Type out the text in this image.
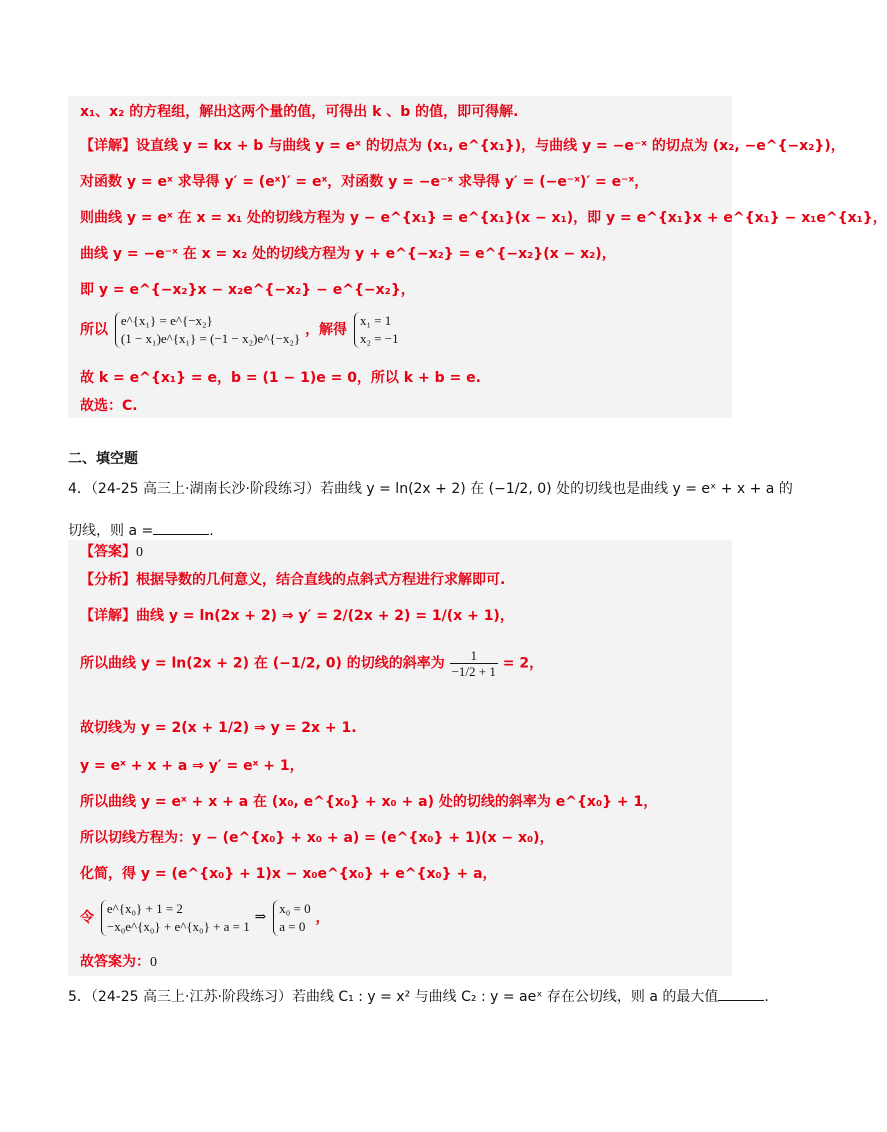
x₁、x₂ 的方程组，解出这两个量的值，可得出 k 、b 的值，即可得解.
【详解】设直线 y = kx + b 与曲线 y = eˣ 的切点为 (x₁, e^{x₁})，与曲线 y = −e⁻ˣ 的切点为 (x₂, −e^{−x₂})，
对函数 y = eˣ 求导得 y′ = (eˣ)′ = eˣ，对函数 y = −e⁻ˣ 求导得 y′ = (−e⁻ˣ)′ = e⁻ˣ，
则曲线 y = eˣ 在 x = x₁ 处的切线方程为 y − e^{x₁} = e^{x₁}(x − x₁)，即 y = e^{x₁}x + e^{x₁} − x₁e^{x₁}，
曲线 y = −e⁻ˣ 在 x = x₂ 处的切线方程为 y + e^{−x₂} = e^{−x₂}(x − x₂)，
即 y = e^{−x₂}x − x₂e^{−x₂} − e^{−x₂}，
所以
e^{x₁} = e^{−x₂}
(1 − x₁)e^{x₁} = (−1 − x₂)e^{−x₂}
，解得
x₁ = 1
x₂ = −1
故 k = e^{x₁} = e，b = (1 − 1)e = 0，所以 k + b = e.
故选：C.
二、填空题
4．（24-25 高三上·湖南长沙·阶段练习）若曲线 y = ln(2x + 2) 在 (−1/2, 0) 处的切线也是曲线 y = eˣ + x + a 的
切线，则 a =	.
【答案】0
【分析】根据导数的几何意义，结合直线的点斜式方程进行求解即可.
【详解】曲线 y = ln(2x + 2) ⇒ y′ = 2/(2x + 2) = 1/(x + 1)，
所以曲线 y = ln(2x + 2) 在 (−1/2, 0) 的切线的斜率为 $\frac{1}{-1/2 + 1} = 2$，
故切线为 y = 2(x + 1/2) ⇒ y = 2x + 1.
y = eˣ + x + a ⇒ y′ = eˣ + 1，
所以曲线 y = eˣ + x + a 在 (x₀, e^{x₀} + x₀ + a) 处的切线的斜率为 e^{x₀} + 1，
所以切线方程为：y − (e^{x₀} + x₀ + a) = (e^{x₀} + 1)(x − x₀)，
化简，得 y = (e^{x₀} + 1)x − x₀e^{x₀} + e^{x₀} + a，
令
e^{x₀} + 1 = 2
−x₀e^{x₀} + e^{x₀} + a = 1
⇒
x₀ = 0
a = 0
，
故答案为：0
5．（24-25 高三上·江苏·阶段练习）若曲线 C₁ : y = x² 与曲线 C₂ : y = aeˣ 存在公切线，则 a 的最大值	.
